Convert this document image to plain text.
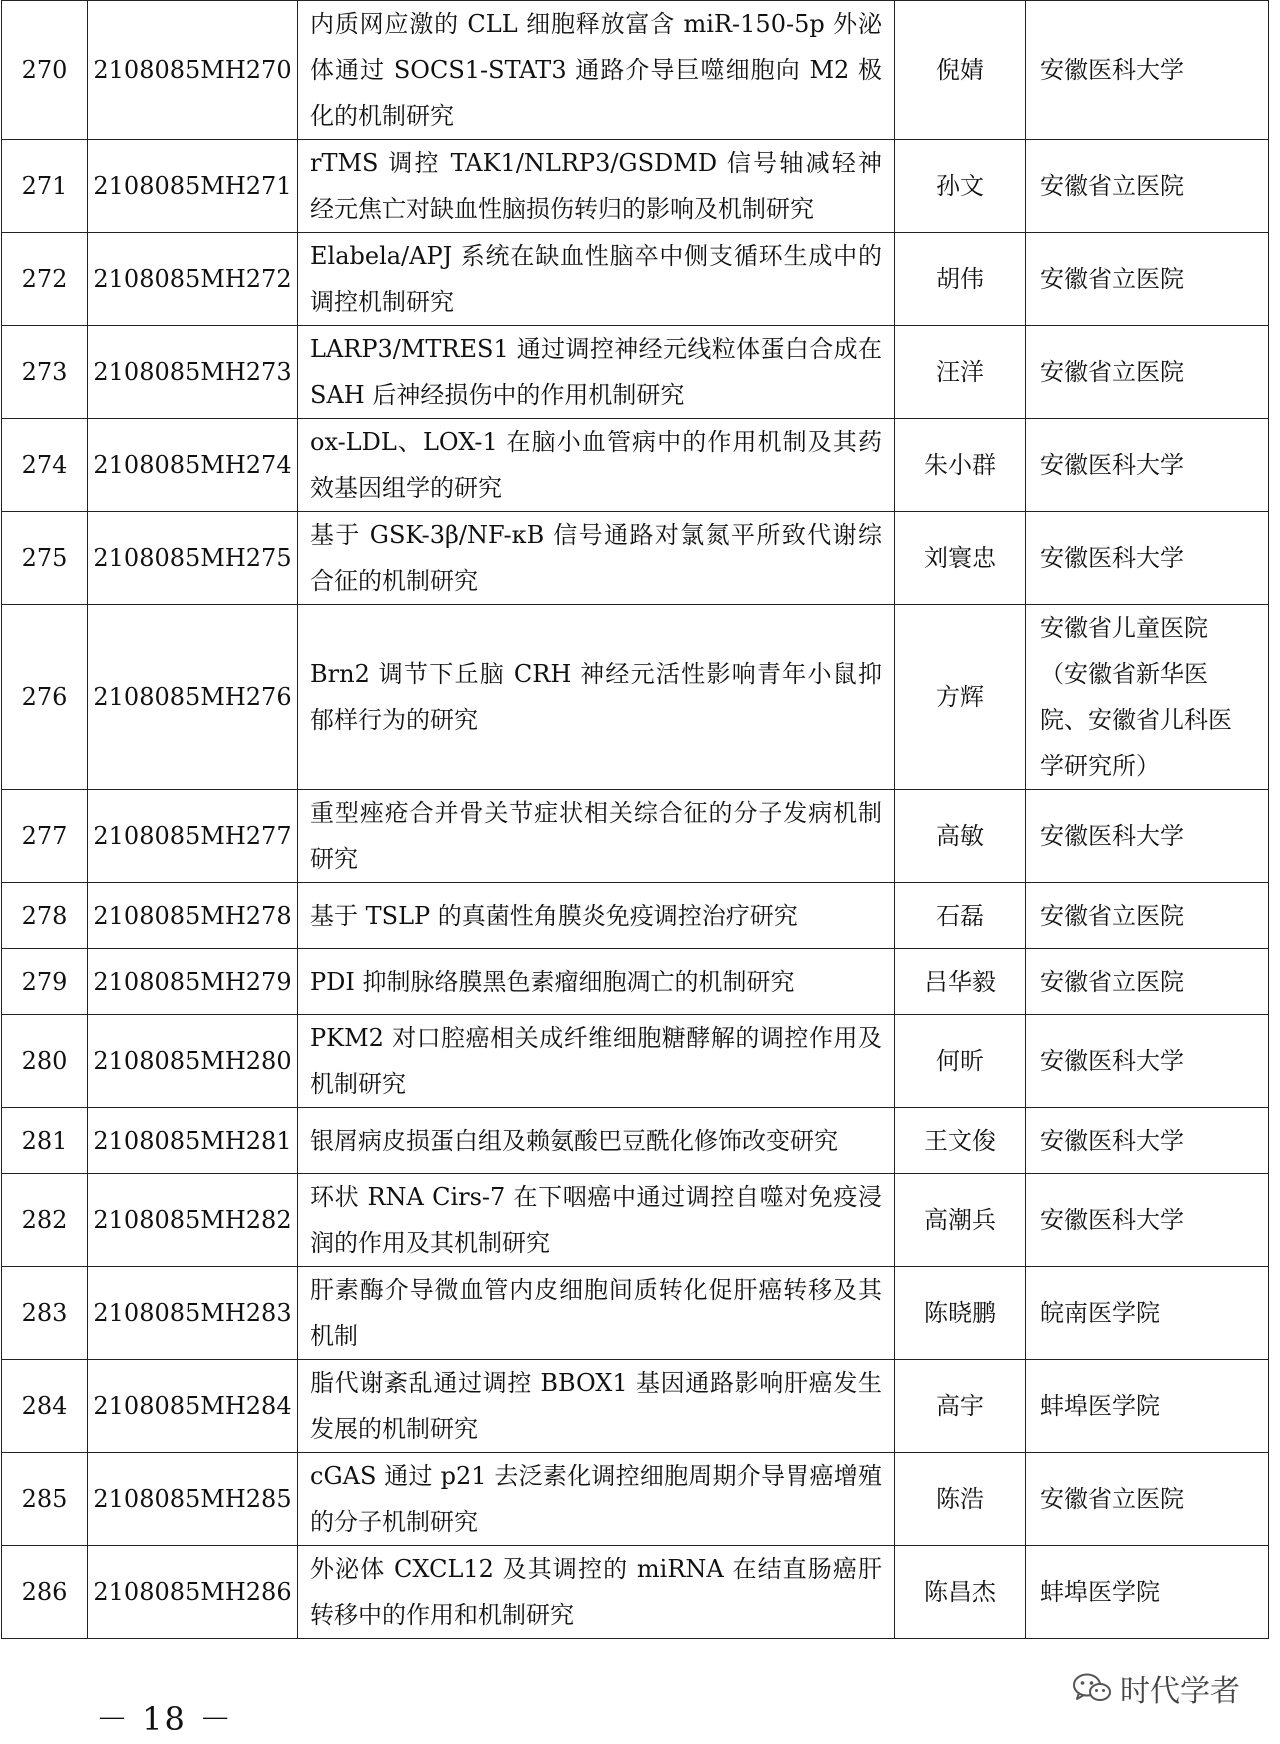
270	2108085MH270	内质网应激的 CLL 细胞释放富含 miR-150-5p 外泌体通过 SOCS1-STAT3 通路介导巨噬细胞向 M2 极化的机制研究	倪婧	安徽医科大学
271	2108085MH271	rTMS 调控 TAK1/NLRP3/GSDMD 信号轴减轻神经元焦亡对缺血性脑损伤转归的影响及机制研究	孙文	安徽省立医院
272	2108085MH272	Elabela/APJ 系统在缺血性脑卒中侧支循环生成中的调控机制研究	胡伟	安徽省立医院
273	2108085MH273	LARP3/MTRES1 通过调控神经元线粒体蛋白合成在 SAH 后神经损伤中的作用机制研究	汪洋	安徽省立医院
274	2108085MH274	ox-LDL、LOX-1 在脑小血管病中的作用机制及其药效基因组学的研究	朱小群	安徽医科大学
275	2108085MH275	基于 GSK-3β/NF-κB 信号通路对氯氮平所致代谢综合征的机制研究	刘寰忠	安徽医科大学
276	2108085MH276	Brn2 调节下丘脑 CRH 神经元活性影响青年小鼠抑郁样行为的研究	方辉	安徽省儿童医院（安徽省新华医院、安徽省儿科医学研究所）
277	2108085MH277	重型痤疮合并骨关节症状相关综合征的分子发病机制研究	高敏	安徽医科大学
278	2108085MH278	基于 TSLP 的真菌性角膜炎免疫调控治疗研究	石磊	安徽省立医院
279	2108085MH279	PDI 抑制脉络膜黑色素瘤细胞凋亡的机制研究	吕华毅	安徽省立医院
280	2108085MH280	PKM2 对口腔癌相关成纤维细胞糖酵解的调控作用及机制研究	何昕	安徽医科大学
281	2108085MH281	银屑病皮损蛋白组及赖氨酸巴豆酰化修饰改变研究	王文俊	安徽医科大学
282	2108085MH282	环状 RNA Cirs-7 在下咽癌中通过调控自噬对免疫浸润的作用及其机制研究	高潮兵	安徽医科大学
283	2108085MH283	肝素酶介导微血管内皮细胞间质转化促肝癌转移及其机制	陈晓鹏	皖南医学院
284	2108085MH284	脂代谢紊乱通过调控 BBOX1 基因通路影响肝癌发生发展的机制研究	高宇	蚌埠医学院
285	2108085MH285	cGAS 通过 p21 去泛素化调控细胞周期介导胃癌增殖的分子机制研究	陈浩	安徽省立医院
286	2108085MH286	外泌体 CXCL12 及其调控的 miRNA 在结直肠癌肝转移中的作用和机制研究	陈昌杰	蚌埠医学院
－ 18 －
时代学者
